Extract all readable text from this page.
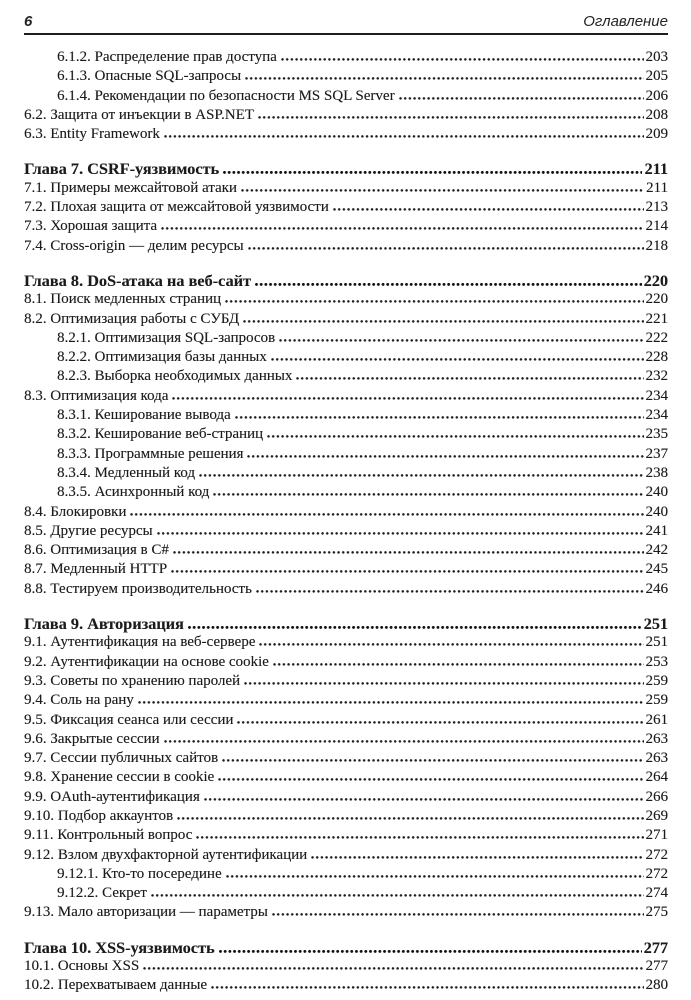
6	Оглавление
6.1.2. Распределение прав доступа	203
6.1.3. Опасные SQL-запросы	205
6.1.4. Рекомендации по безопасности MS SQL Server	206
6.2. Защита от инъекции в ASP.NET	208
6.3. Entity Framework	209
Глава 7. CSRF-уязвимость	211
7.1. Примеры межсайтовой атаки	211
7.2. Плохая защита от межсайтовой уязвимости	213
7.3. Хорошая защита	214
7.4. Cross-origin — делим ресурсы	218
Глава 8. DoS-атака на веб-сайт	220
8.1. Поиск медленных страниц	220
8.2. Оптимизация работы с СУБД	221
8.2.1. Оптимизация SQL-запросов	222
8.2.2. Оптимизация базы данных	228
8.2.3. Выборка необходимых данных	232
8.3. Оптимизация кода	234
8.3.1. Кеширование вывода	234
8.3.2. Кеширование веб-страниц	235
8.3.3. Программные решения	237
8.3.4. Медленный код	238
8.3.5. Асинхронный код	240
8.4. Блокировки	240
8.5. Другие ресурсы	241
8.6. Оптимизация в C#	242
8.7. Медленный HTTP	245
8.8. Тестируем производительность	246
Глава 9. Авторизация	251
9.1. Аутентификация на веб-сервере	251
9.2. Аутентификации на основе cookie	253
9.3. Советы по хранению паролей	259
9.4. Соль на рану	259
9.5. Фиксация сеанса или сессии	261
9.6. Закрытые сессии	263
9.7. Сессии публичных сайтов	263
9.8. Хранение сессии в cookie	264
9.9. OAuth-аутентификация	266
9.10. Подбор аккаунтов	269
9.11. Контрольный вопрос	271
9.12. Взлом двухфакторной аутентификации	272
9.12.1. Кто-то посередине	272
9.12.2. Секрет	274
9.13. Мало авторизации — параметры	275
Глава 10. XSS-уязвимость	277
10.1. Основы XSS	277
10.2. Перехватываем данные	280
